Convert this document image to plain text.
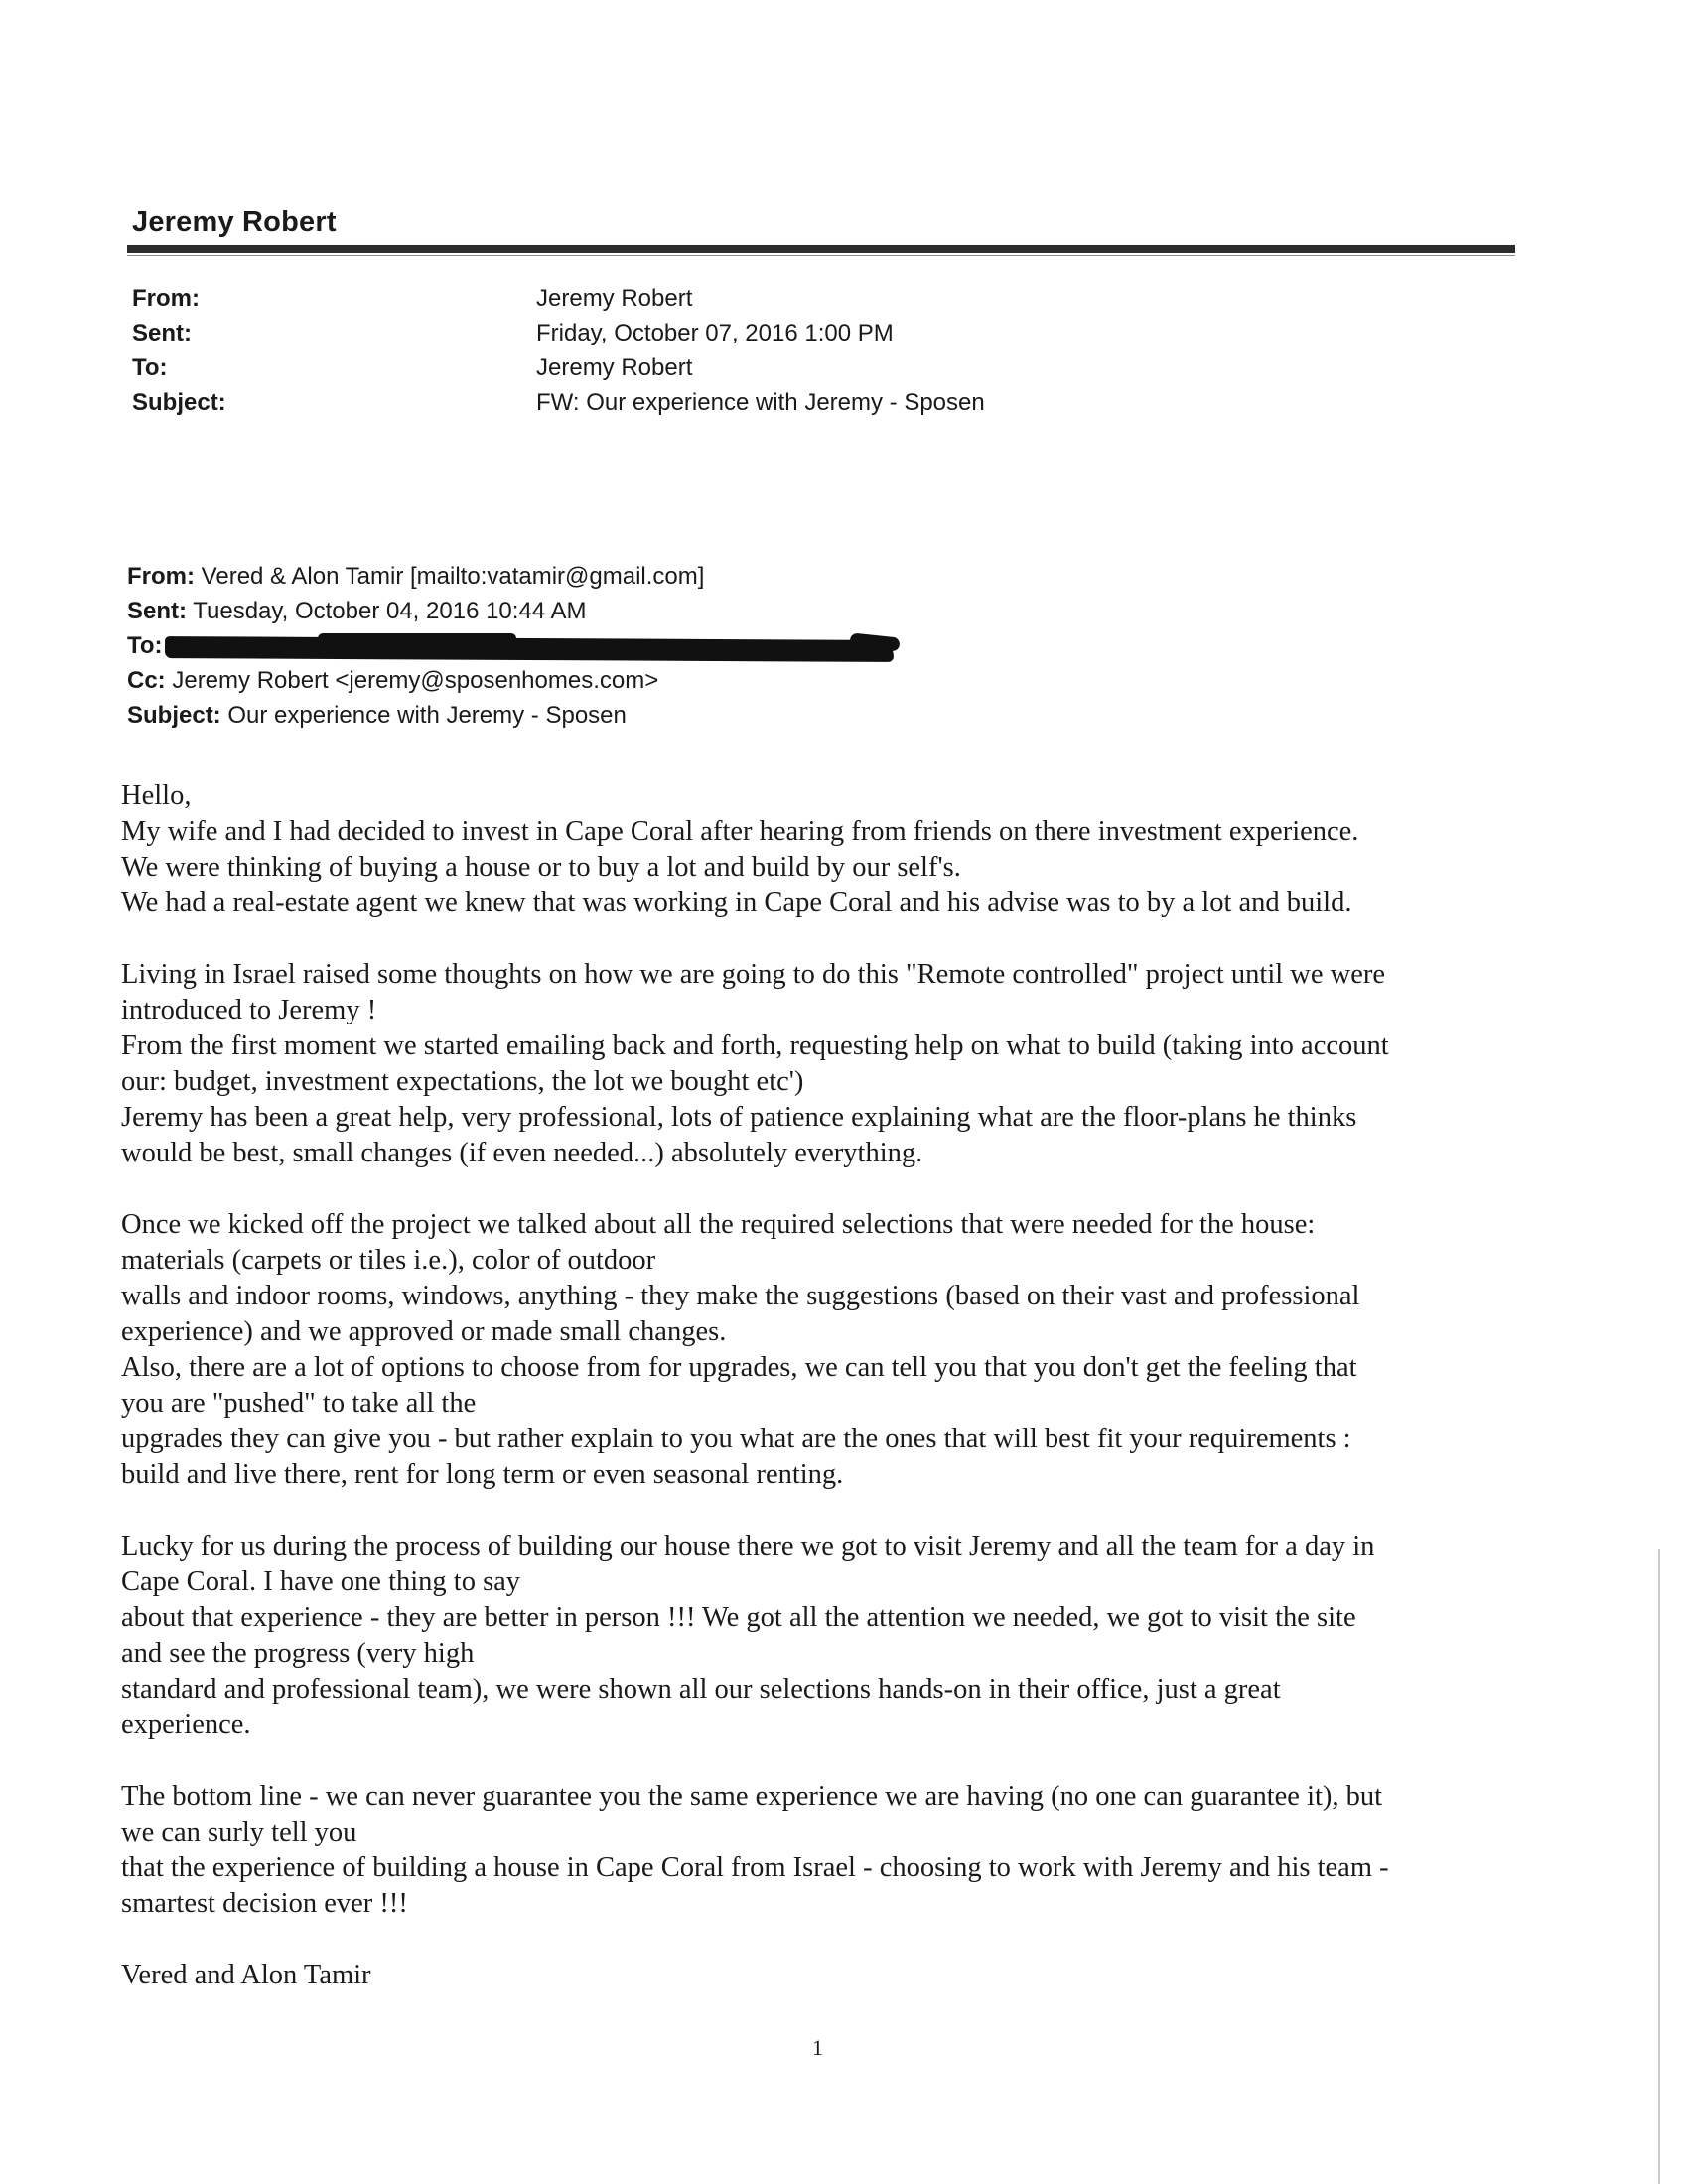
Jeremy Robert
From:	Jeremy Robert
Sent:	Friday, October 07, 2016 1:00 PM
To:	Jeremy Robert
Subject:	FW: Our experience with Jeremy - Sposen
From: Vered & Alon Tamir [mailto:vatamir@gmail.com]
Sent: Tuesday, October 04, 2016 10:44 AM
To:
Cc: Jeremy Robert <jeremy@sposenhomes.com>
Subject: Our experience with Jeremy - Sposen

Hello,

My wife and I had decided to invest in Cape Coral after hearing from friends on there investment experience.

We were thinking of buying a house or to buy a lot and build by our self's.

We had a real-estate agent we knew that was working in Cape Coral and his advise was to by a lot and build.

Living in Israel raised some thoughts on how we are going to do this "Remote controlled" project until we were

introduced to Jeremy !

From the first moment we started emailing back and forth, requesting help on what to build (taking into account

our: budget, investment expectations, the lot we bought etc')

Jeremy has been a great help, very professional, lots of patience explaining what are the floor-plans he thinks

would be best, small changes (if even needed...) absolutely everything.

Once we kicked off the project we talked about all the required selections that were needed for the house:

materials (carpets or tiles i.e.), color of outdoor

walls and indoor rooms, windows, anything - they make the suggestions (based on their vast and professional

experience) and we approved or made small changes.

Also, there are a lot of options to choose from for upgrades, we can tell you that you don't get the feeling that

you are "pushed" to take all the

upgrades they can give you - but rather explain to you what are the ones that will best fit your requirements :

build and live there, rent for long term or even seasonal renting.

Lucky for us during the process of building our house there we got to visit Jeremy and all the team for a day in

Cape Coral. I have one thing to say

about that experience - they are better in person !!! We got all the attention we needed, we got to visit the site

and see the progress (very high

standard and professional team), we were shown all our selections hands-on in their office, just a great

experience.

The bottom line - we can never guarantee you the same experience we are having (no one can guarantee it), but

we can surly tell you

that the experience of building a house in Cape Coral from Israel - choosing to work with Jeremy and his team -

smartest decision ever !!!

Vered and Alon Tamir

1
